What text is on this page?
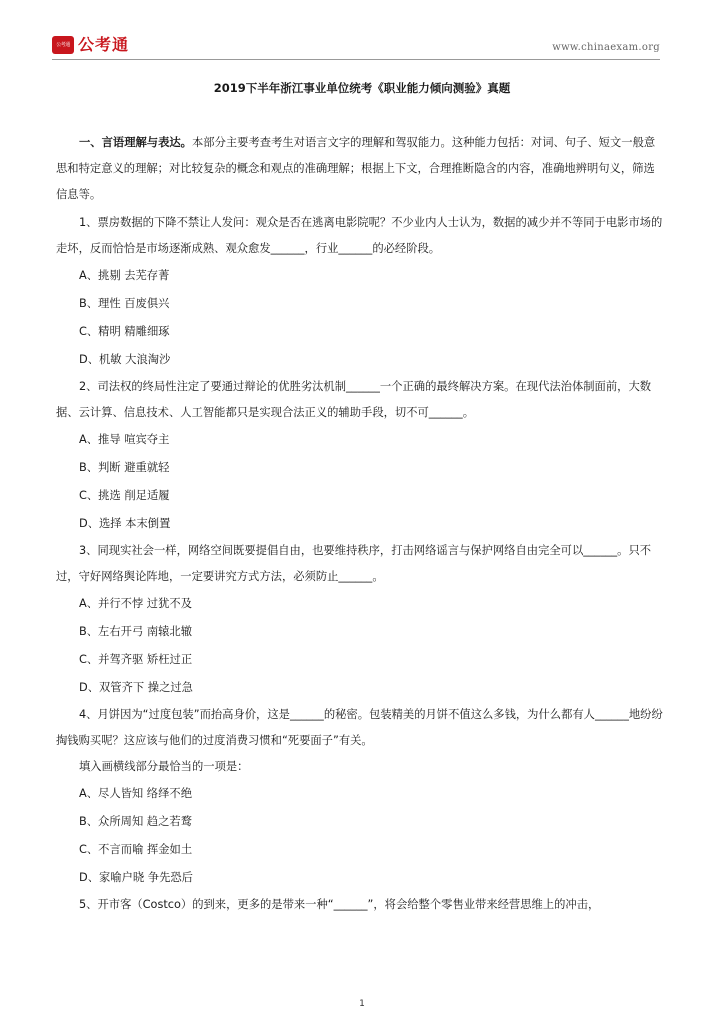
公考通 公考通	www.chinaexam.org
2019下半年浙江事业单位统考《职业能力倾向测验》真题

一、言语理解与表达。本部分主要考查考生对语言文字的理解和驾驭能力。这种能力包括：对词、句子、短文一般意思和特定意义的理解；对比较复杂的概念和观点的准确理解；根据上下文，合理推断隐含的内容，准确地辨明句义，筛选信息等。

1、票房数据的下降不禁让人发问：观众是否在逃离电影院呢？不少业内人士认为，数据的减少并不等同于电影市场的走坏，反而恰恰是市场逐渐成熟、观众愈发______，行业______的必经阶段。

A、挑剔 去芜存菁

B、理性 百废俱兴

C、精明 精雕细琢

D、机敏 大浪淘沙

2、司法权的终局性注定了要通过辩论的优胜劣汰机制______一个正确的最终解决方案。在现代法治体制面前，大数据、云计算、信息技术、人工智能都只是实现合法正义的辅助手段，切不可______。

A、推导 喧宾夺主

B、判断 避重就轻

C、挑选 削足适履

D、选择 本末倒置

3、同现实社会一样，网络空间既要提倡自由，也要维持秩序，打击网络谣言与保护网络自由完全可以______。只不过，守好网络舆论阵地，一定要讲究方式方法，必须防止______。

A、并行不悖 过犹不及

B、左右开弓 南辕北辙

C、并驾齐驱 矫枉过正

D、双管齐下 操之过急

4、月饼因为“过度包装”而抬高身价，这是______的秘密。包装精美的月饼不值这么多钱，为什么都有人______地纷纷掏钱购买呢？这应该与他们的过度消费习惯和“死要面子”有关。

填入画横线部分最恰当的一项是：

A、尽人皆知 络绎不绝

B、众所周知 趋之若鹜

C、不言而喻 挥金如土

D、家喻户晓 争先恐后

5、开市客（Costco）的到来，更多的是带来一种“______”，将会给整个零售业带来经营思维上的冲击，

1
